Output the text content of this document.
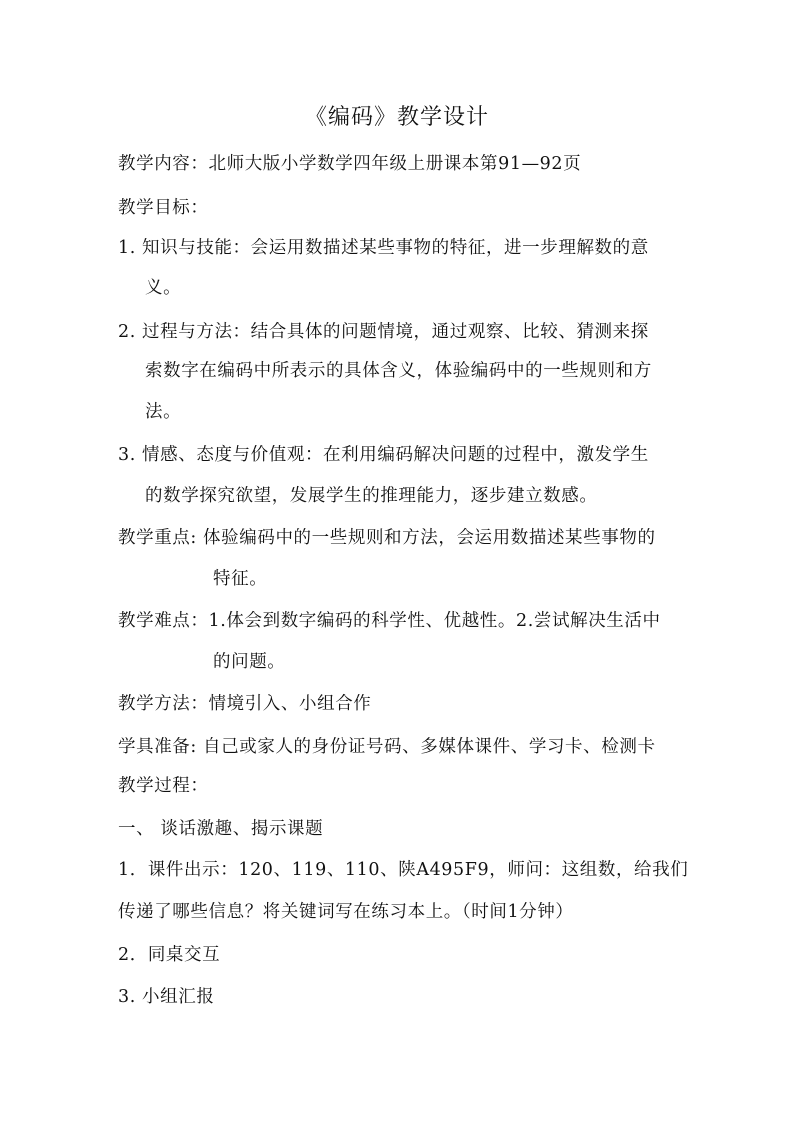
《编码》教学设计
教学内容：北师大版小学数学四年级上册课本第91—92页
教学目标：
1. 知识与技能：会运用数描述某些事物的特征，进一步理解数的意
义。
2. 过程与方法：结合具体的问题情境，通过观察、比较、猜测来探
索数字在编码中所表示的具体含义，体验编码中的一些规则和方
法。
3. 情感、态度与价值观：在利用编码解决问题的过程中，激发学生
的数学探究欲望，发展学生的推理能力，逐步建立数感。
教学重点: 体验编码中的一些规则和方法，会运用数描述某些事物的
特征。
教学难点：1.体会到数字编码的科学性、优越性。2.尝试解决生活中
的问题。
教学方法：情境引入、小组合作
学具准备: 自己或家人的身份证号码、多媒体课件、学习卡、检测卡
教学过程：
一、 谈话激趣、揭示课题
1．课件出示：120、119、110、陕A495F9，师问：这组数，给我们
传递了哪些信息？将关键词写在练习本上。（时间1分钟）
2．同桌交互
3. 小组汇报
